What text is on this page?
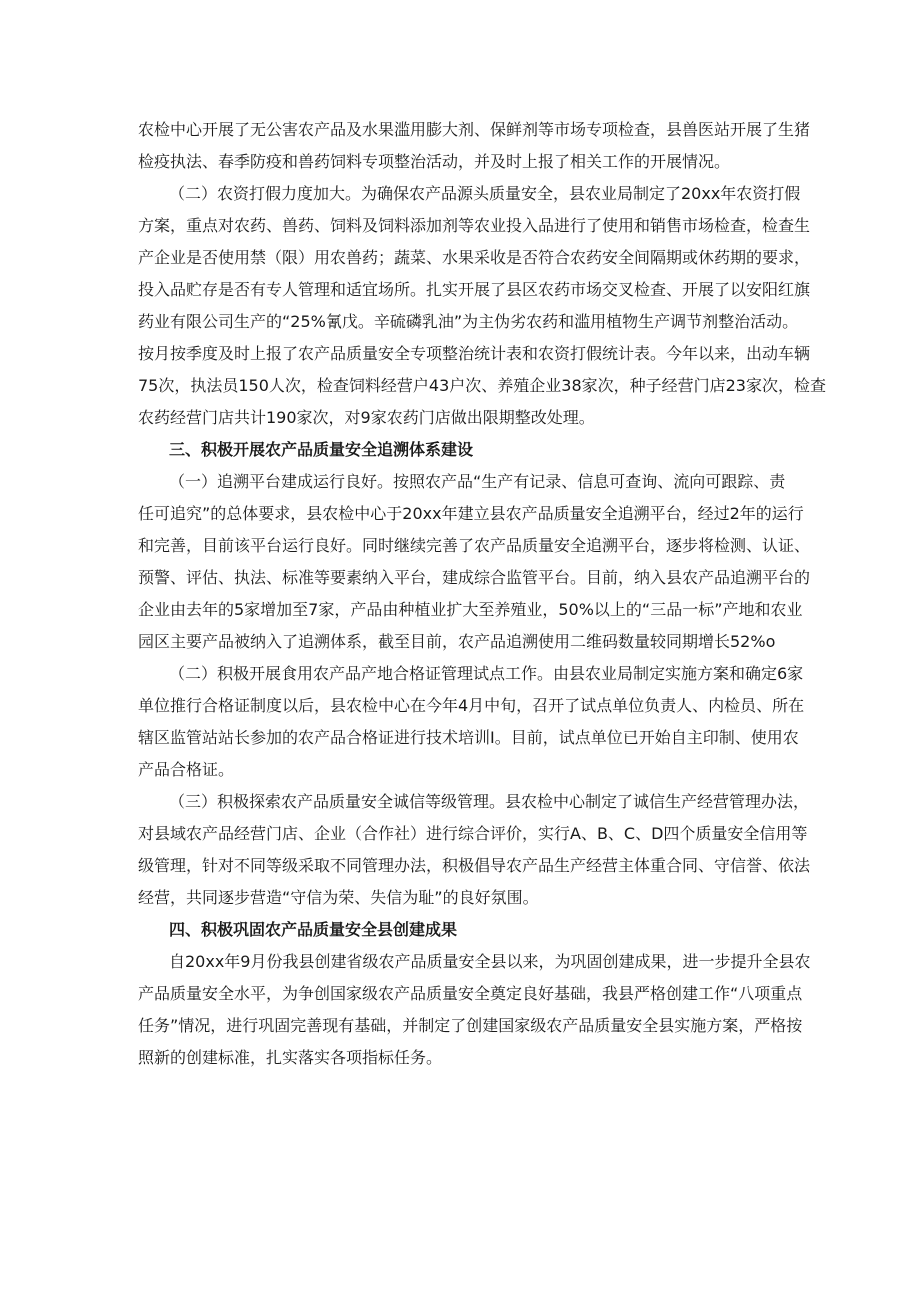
农检中心开展了无公害农产品及水果滥用膨大剂、保鲜剂等市场专项检查，县兽医站开展了生猪
检疫执法、春季防疫和兽药饲料专项整治活动，并及时上报了相关工作的开展情况。
（二）农资打假力度加大。为确保农产品源头质量安全，县农业局制定了20xx年农资打假
方案，重点对农药、兽药、饲料及饲料添加剂等农业投入品进行了使用和销售市场检查，检查生
产企业是否使用禁（限）用农兽药；蔬菜、水果采收是否符合农药安全间隔期或休药期的要求，
投入品贮存是否有专人管理和适宜场所。扎实开展了县区农药市场交叉检查、开展了以安阳红旗
药业有限公司生产的“25%氰戊。辛硫磷乳油”为主伪劣农药和滥用植物生产调节剂整治活动。
按月按季度及时上报了农产品质量安全专项整治统计表和农资打假统计表。今年以来，出动车辆
75次，执法员150人次，检查饲料经营户43户次、养殖企业38家次，种子经营门店23家次，检查
农药经营门店共计190家次，对9家农药门店做出限期整改处理。
三、积极开展农产品质量安全追溯体系建设
（一）追溯平台建成运行良好。按照农产品“生产有记录、信息可查询、流向可跟踪、责
任可追究”的总体要求，县农检中心于20xx年建立县农产品质量安全追溯平台，经过2年的运行
和完善，目前该平台运行良好。同时继续完善了农产品质量安全追溯平台，逐步将检测、认证、
预警、评估、执法、标准等要素纳入平台，建成综合监管平台。目前，纳入县农产品追溯平台的
企业由去年的5家增加至7家，产品由种植业扩大至养殖业，50%以上的“三品一标”产地和农业
园区主要产品被纳入了追溯体系，截至目前，农产品追溯使用二维码数量较同期增长52%o
（二）积极开展食用农产品产地合格证管理试点工作。由县农业局制定实施方案和确定6家
单位推行合格证制度以后，县农检中心在今年4月中旬，召开了试点单位负责人、内检员、所在
辖区监管站站长参加的农产品合格证进行技术培训I。目前，试点单位已开始自主印制、使用农
产品合格证。
（三）积极探索农产品质量安全诚信等级管理。县农检中心制定了诚信生产经营管理办法，
对县域农产品经营门店、企业（合作社）进行综合评价，实行A、B、C、D四个质量安全信用等
级管理，针对不同等级采取不同管理办法，积极倡导农产品生产经营主体重合同、守信誉、依法
经营，共同逐步营造“守信为荣、失信为耻”的良好氛围。
四、积极巩固农产品质量安全县创建成果
自20xx年9月份我县创建省级农产品质量安全县以来，为巩固创建成果，进一步提升全县农
产品质量安全水平，为争创国家级农产品质量安全奠定良好基础，我县严格创建工作“八项重点
任务”情况，进行巩固完善现有基础，并制定了创建国家级农产品质量安全县实施方案，严格按
照新的创建标准，扎实落实各项指标任务。
